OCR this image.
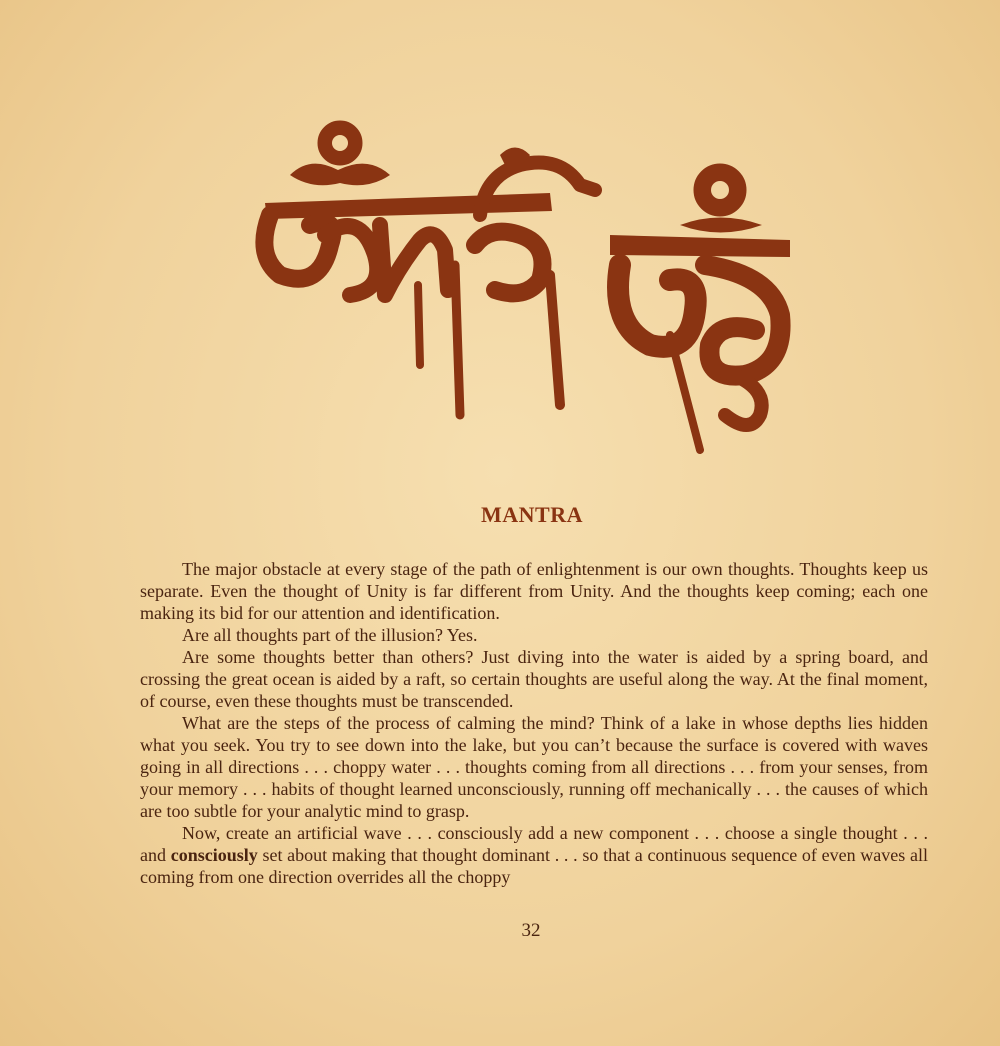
MANTRA

The major obstacle at every stage of the path of enlightenment is our own thoughts. Thoughts keep us separate. Even the thought of Unity is far different from Unity. And the thoughts keep coming; each one making its bid for our attention and identification.

Are all thoughts part of the illusion? Yes.

Are some thoughts better than others? Just diving into the water is aided by a spring board, and crossing the great ocean is aided by a raft, so certain thoughts are useful along the way. At the final moment, of course, even these thoughts must be transcended.

What are the steps of the process of calming the mind? Think of a lake in whose depths lies hidden what you seek. You try to see down into the lake, but you can’t because the surface is covered with waves going in all directions . . . choppy water . . . thoughts coming from all directions . . . from your senses, from your memory . . . habits of thought learned unconsciously, running off mechanically . . . the causes of which are too subtle for your analytic mind to grasp.

Now, create an artificial wave . . . consciously add a new component . . . choose a single thought . . . and consciously set about making that thought dominant . . . so that a continuous sequence of even waves all coming from one direction overrides all the choppy

32
